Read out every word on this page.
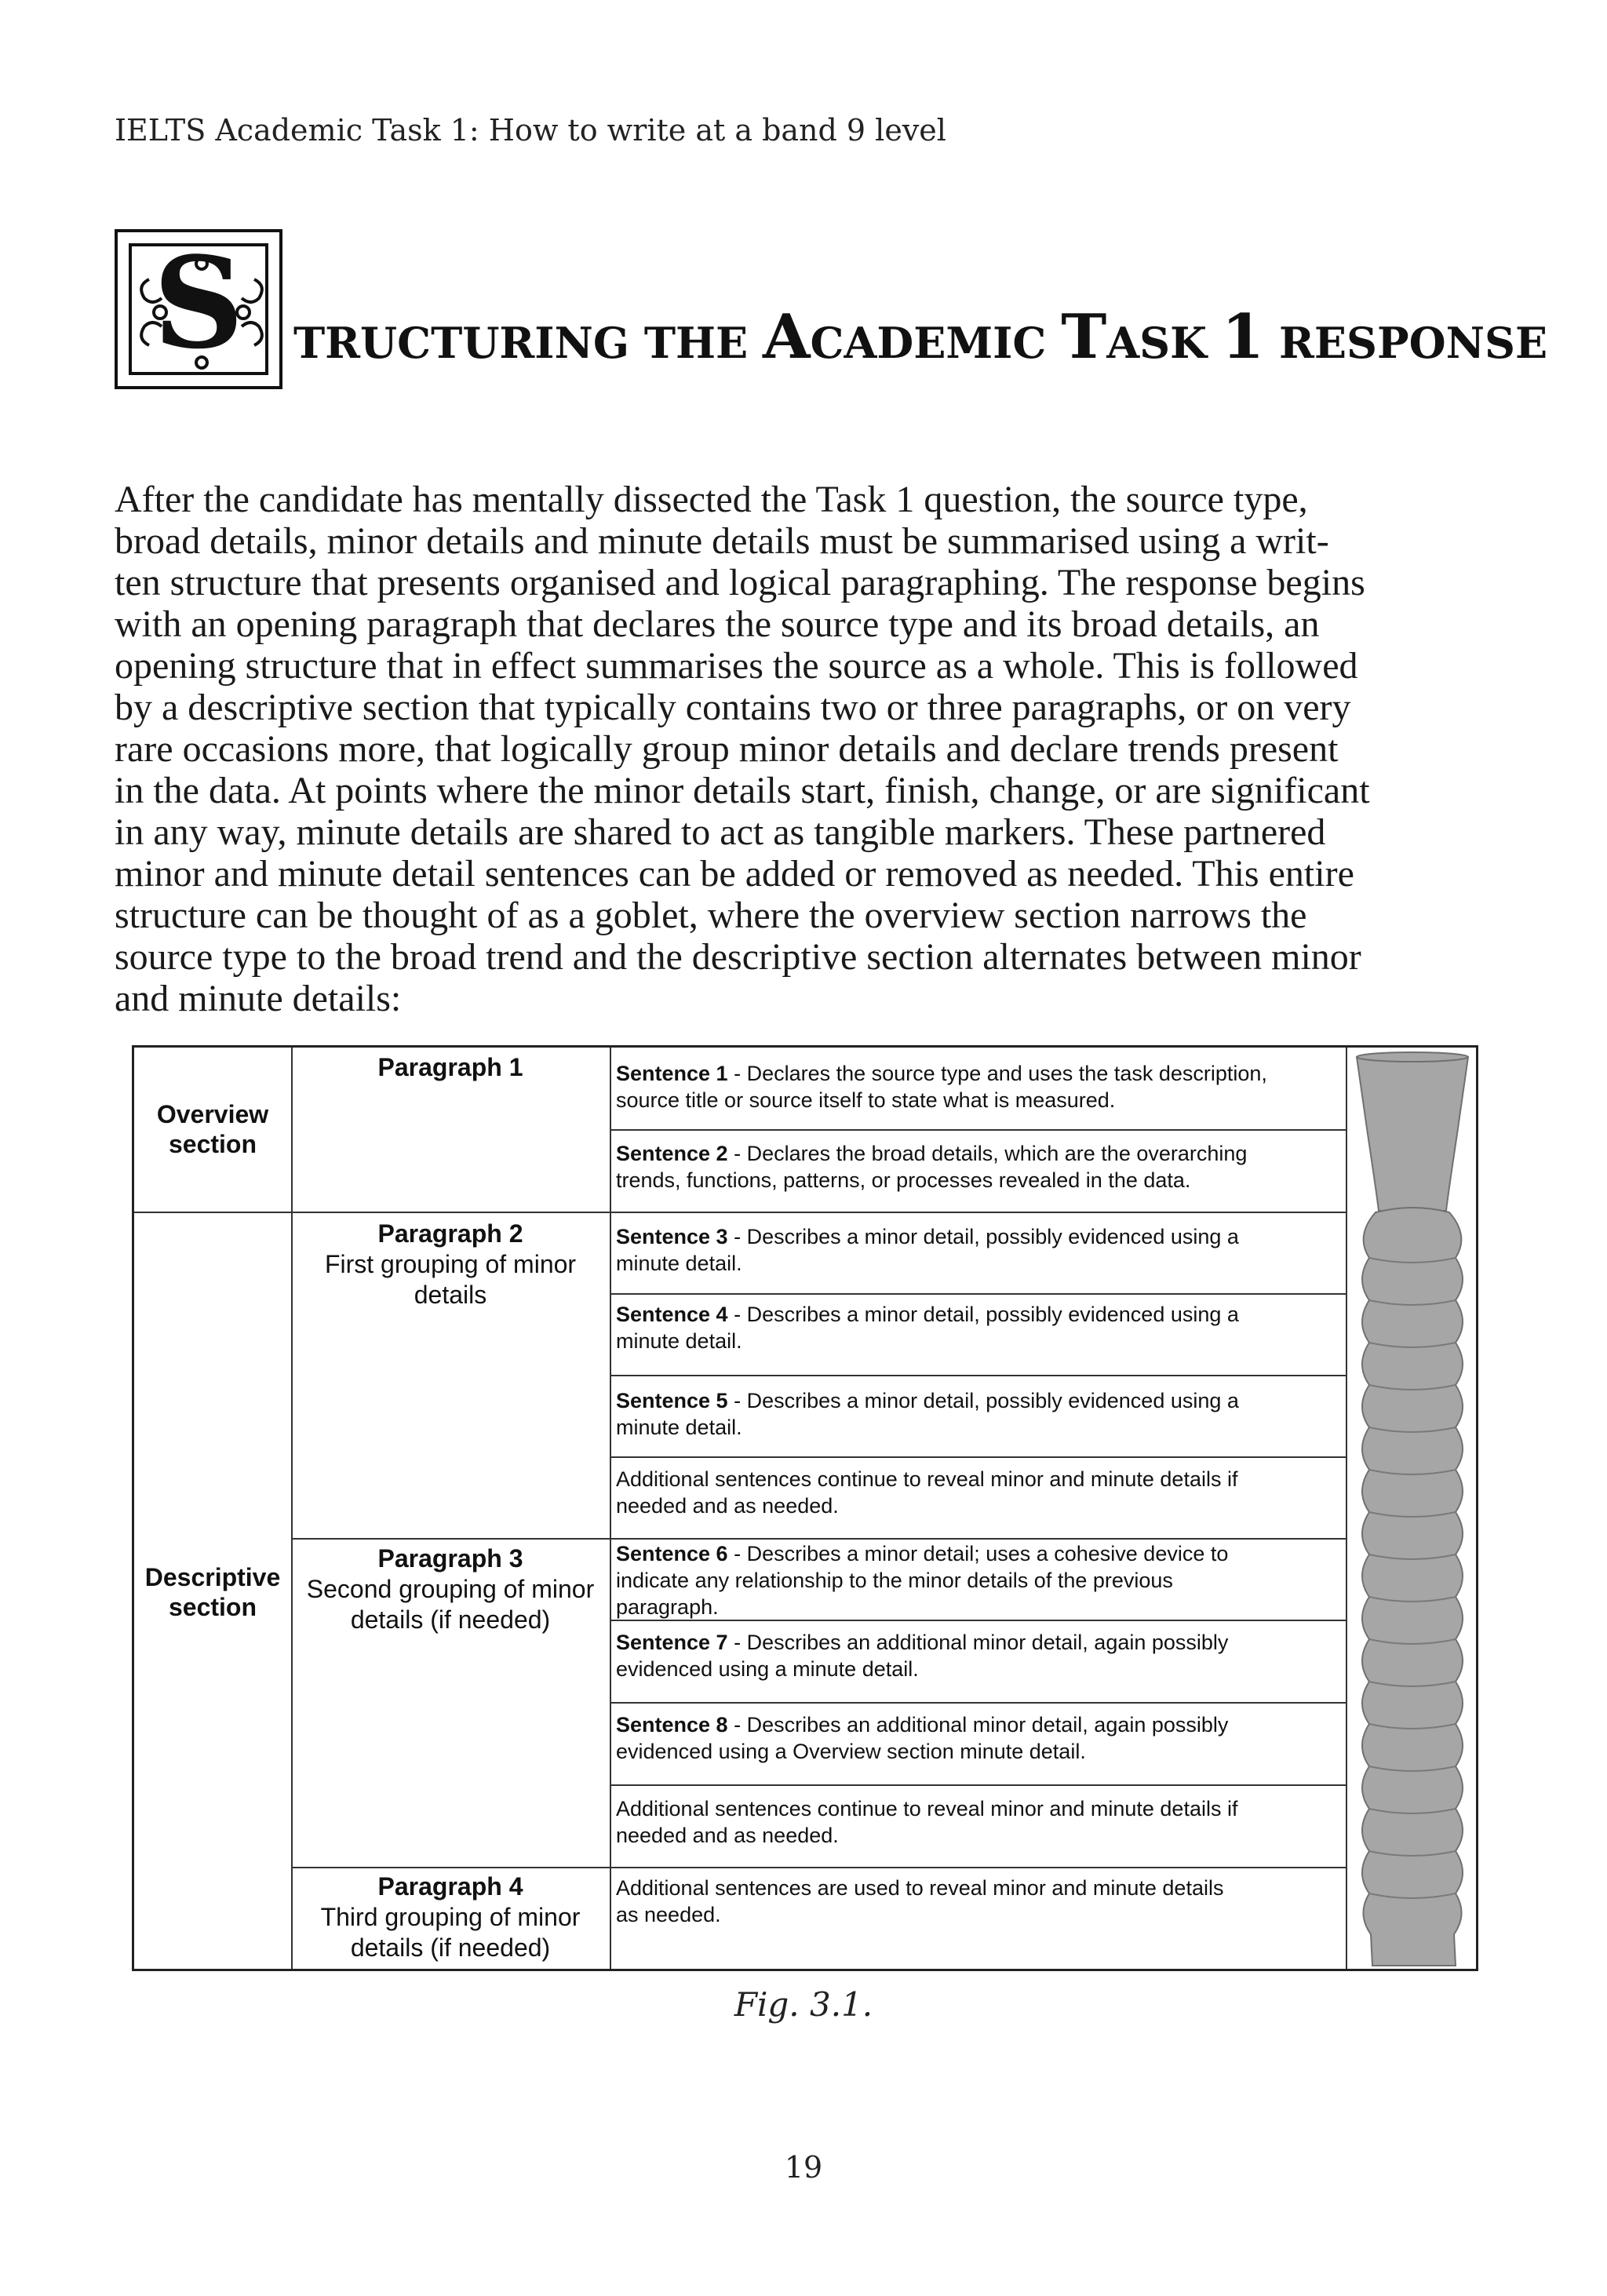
IELTS Academic Task 1: How to write at a band 9 level
S	TRUCTURING THE ACADEMIC TASK 1 RESPONSE
After the candidate has mentally dissected the Task 1 question, the source type,
broad details, minor details and minute details must be summarised using a writ-
ten structure that presents organised and logical paragraphing. The response begins
with an opening paragraph that declares the source type and its broad details, an
opening structure that in effect summarises the source as a whole. This is followed
by a descriptive section that typically contains two or three paragraphs, or on very
rare occasions more, that logically group minor details and declare trends present
in the data. At points where the minor details start, finish, change, or are significant
in any way, minute details are shared to act as tangible markers. These partnered
minor and minute detail sentences can be added or removed as needed. This entire
structure can be thought of as a goblet, where the overview section narrows the
source type to the broad trend and the descriptive section alternates between minor
and minute details:
Overview
section
Descriptive
section
Paragraph 1
Paragraph 2
First grouping of minor
details
Paragraph 3
Second grouping of minor
details (if needed)
Paragraph 4
Third grouping of minor
details (if needed)
Sentence 1 - Declares the source type and uses the task description,
source title or source itself to state what is measured.
Sentence 2 - Declares the broad details, which are the overarching
trends, functions, patterns, or processes revealed in the data.
Sentence 3 - Describes a minor detail, possibly evidenced using a
minute detail.
Sentence 4 - Describes a minor detail, possibly evidenced using a
minute detail.
Sentence 5 - Describes a minor detail, possibly evidenced using a
minute detail.
Additional sentences continue to reveal minor and minute details if
needed and as needed.
Sentence 6 - Describes a minor detail; uses a cohesive device to
indicate any relationship to the minor details of the previous
paragraph.
Sentence 7 - Describes an additional minor detail, again possibly
evidenced using a minute detail.
Sentence 8 - Describes an additional minor detail, again possibly
evidenced using a Overview section minute detail.
Additional sentences continue to reveal minor and minute details if
needed and as needed.
Additional sentences are used to reveal minor and minute details
as needed.
Fig. 3.1.
19
